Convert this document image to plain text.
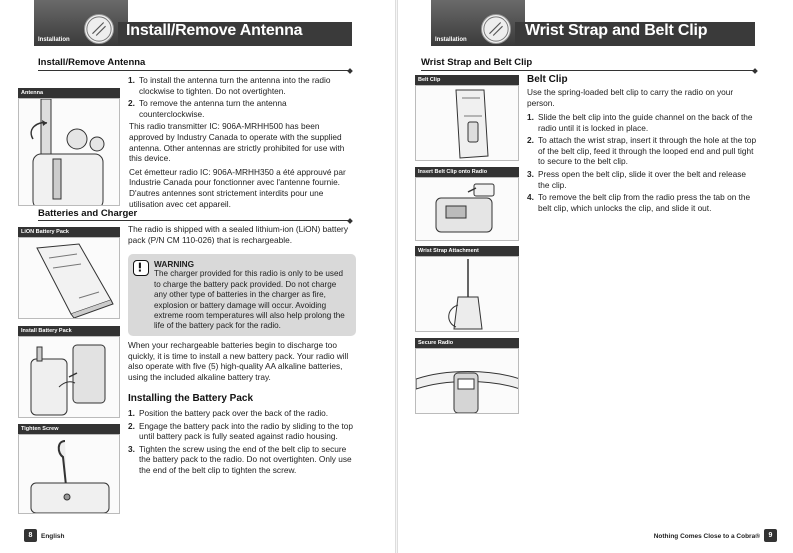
Installation
Install/Remove Antenna
Install/Remove Antenna
Antenna
1. To install the antenna turn the antenna into the radio clockwise to tighten. Do not overtighten.
2. To remove the antenna turn the antenna counterclockwise.

This radio transmitter IC: 906A-MRHH500 has been approved by Industry Canada to operate with the supplied antenna. Other antennas are strictly prohibited for use with this device.

Cet émetteur radio IC: 906A-MRHH350 a été approuvé par Industrie Canada pour fonctionner avec l'antenne fournie. D'autres antennes sont strictement interdits pour une utilisation avec cet appareil.

Batteries and Charger
LiON Battery Pack
Install Battery Pack
Tighten Screw
The radio is shipped with a sealed lithium-ion (LiON) battery pack (P/N CM 110-026) that is rechargeable.
WARNING
The charger provided for this radio is only to be used to charge the battery pack provided. Do not charge any other type of batteries in the charger as fire, explosion or battery damage will occur. Avoiding extreme room temperatures will also help prolong the life of the battery pack for the radio.
When your rechargeable batteries begin to discharge too quickly, it is time to install a new battery pack. Your radio will also operate with five (5) high-quality AA alkaline batteries, using the included alkaline battery tray.
Installing the Battery Pack
1. Position the battery pack over the back of the radio.
2. Engage the battery pack into the radio by sliding to the top until battery pack is fully seated against radio housing.
3. Tighten the screw using the end of the belt clip to secure the battery pack to the radio. Do not overtighten. Only use the end of the belt clip to tighten the screw.
8	English
Installation
Wrist Strap and Belt Clip
Wrist Strap and Belt Clip
Belt Clip
Insert Belt Clip onto Radio
Wrist Strap Attachment
Secure Radio
Belt Clip
Use the spring-loaded belt clip to carry the radio on your person.
1. Slide the belt clip into the guide channel on the back of the radio until it is locked in place.
2. To attach the wrist strap, insert it through the hole at the top of the belt clip, feed it through the looped end and pull tight to secure to the belt clip.
3. Press open the belt clip, slide it over the belt and release the clip.
4. To remove the belt clip from the radio press the tab on the belt clip, which unlocks the clip, and slide it out.
Nothing Comes Close to a Cobra®	9
